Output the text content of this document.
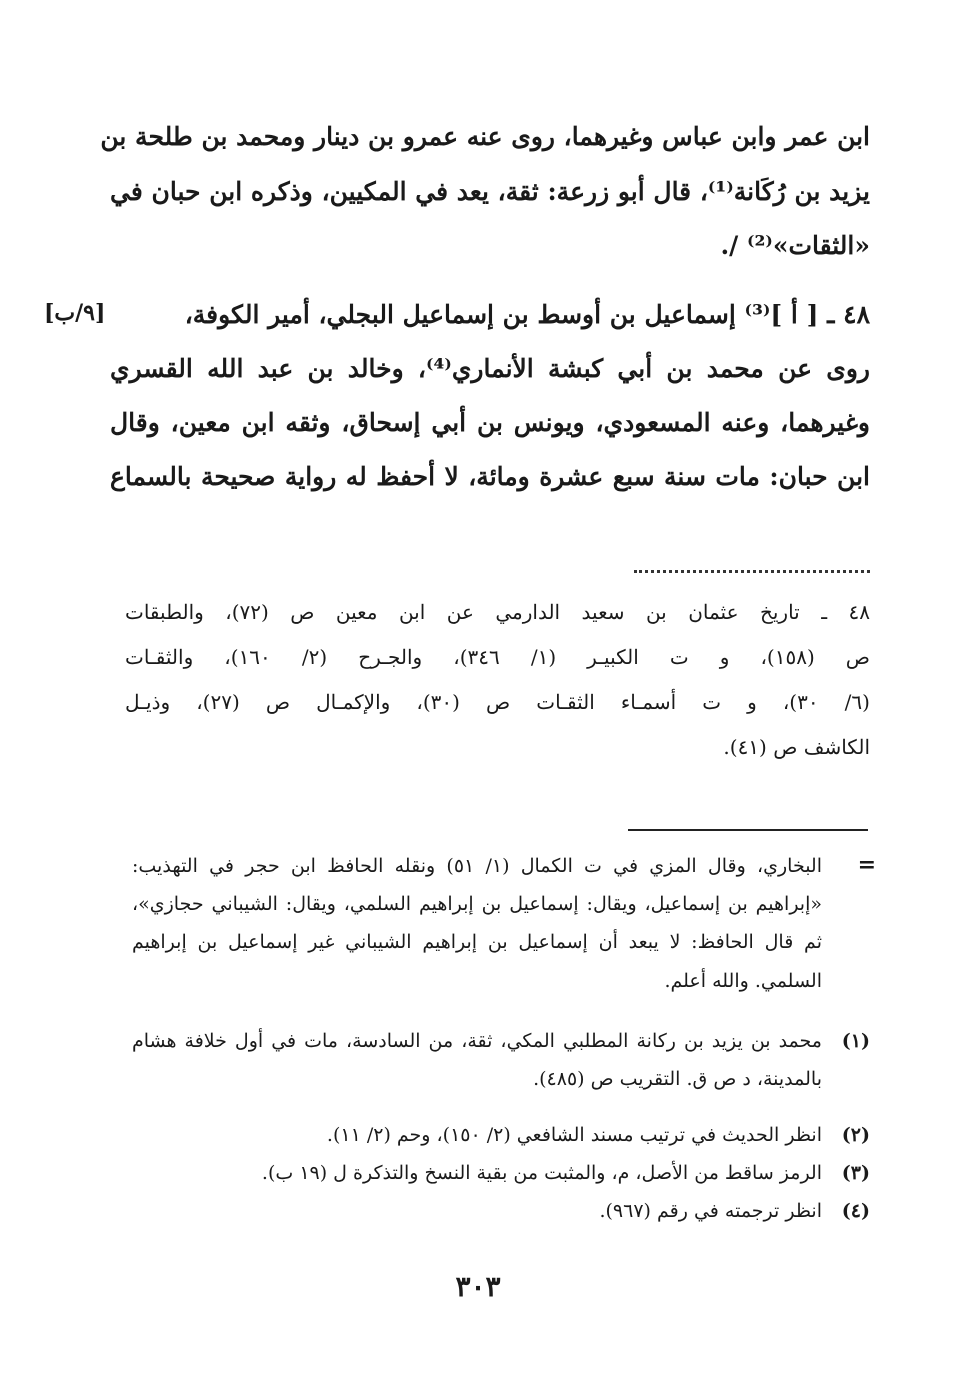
ابن عمر وابن عباس وغيرهما، روى عنه عمرو بن دينار ومحمد بن طلحة بن
يزيد بن رُكَانة⁽¹⁾، قال أبو زرعة: ثقة، يعد في المكيين، وذكره ابن حبان في
«الثقات»⁽²⁾ /.
٤٨ ـ [ أ ]⁽³⁾ إسماعيل بن أوسط بن إسماعيل البجلي، أمير الكوفة،
[٩/ب]
روى عن محمد بن أبي كبشة الأنماري⁽⁴⁾، وخالد بن عبد الله القسري
وغيرهما، وعنه المسعودي، ويونس بن أبي إسحاق، وثقه ابن معين، وقال
ابن حبان: مات سنة سبع عشرة ومائة، لا أحفظ له رواية صحيحة بالسماع
٤٨ ـ تاريخ عثمان بن سعيد الدارمي عن ابن معين ص (٧٢)، والطبقات
ص (١٥٨)، و ت الكبيـر (١/ ٣٤٦)، والجـرح (٢/ ١٦٠)، والثقـات
(٦/ ٣٠)، و ت أسمـاء الثقـات ص (٣٠)، والإكمـال ص (٢٧)، وذيـل
الكاشف ص (٤١).
=
البخاري، وقال المزي في ت الكمال (١/ ٥١) ونقله الحافظ ابن حجر في التهذيب:
«إبراهيم بن إسماعيل، ويقال: إسماعيل بن إبراهيم السلمي، ويقال: الشيباني حجازي»،
ثم قال الحافظ: لا يبعد أن إسماعيل بن إبراهيم الشيباني غير إسماعيل بن إبراهيم
السلمي. والله أعلم.
(١)
محمد بن يزيد بن ركانة المطلبي المكي، ثقة، من السادسة، مات في أول خلافة هشام
بالمدينة، د ص ق. التقريب ص (٤٨٥).
(٢)
انظر الحديث في ترتيب مسند الشافعي (٢/ ١٥٠)، وحم (٢/ ١١).
(٣)
الرمز ساقط من الأصل، م، والمثبت من بقية النسخ والتذكرة ل (١٩ ب).
(٤)
انظر ترجمته في رقم (٩٦٧).
٣٠٣
